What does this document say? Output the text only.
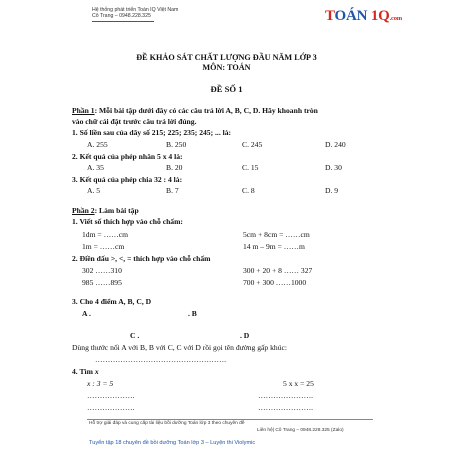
Hệ thống phát triển Toán IQ Việt Nam
Cô Trang – 0948.228.325	TOÁN 1Q.com
ĐỀ KHẢO SÁT CHẤT LƯỢNG ĐẦU NĂM LỚP 3
MÔN: TOÁN
ĐỀ SỐ 1
Phần 1: Mỗi bài tập dưới đây có các câu trả lời A, B, C, D. Hãy khoanh tròn
vào chữ cái đặt trước câu trả lời đúng.
1. Số liền sau của dãy số 215; 225; 235; 245; ... là:
A. 255	B. 250	C. 245	D. 240
2. Kết quả của phép nhân 5 x 4 là:
A. 35	B. 20	C. 15	D. 30
3. Kết quả của phép chia 32 : 4 là:
A. 5	B. 7	C. 8	D. 9
Phần 2: Làm bài tập
1. Viết số thích hợp vào chỗ chấm:
1dm = ……cm	5cm + 8cm = ……cm
1m = ……cm	14 m – 9m = ……m
2. Điền dấu >, <, = thích hợp vào chỗ chấm
302 ……310	300 + 20 + 8 …… 327
985 ……895	700 + 300 ……1000
3. Cho 4 điểm A, B, C, D
A .	. B
C .	. D
Dùng thước nối A với B, B với C, C với D rồi gọi tên đường gấp khúc:
…………………………………………….
4. Tìm x
x : 3 = 5	5 x x = 25
……………….	………………….
……………….	………………….
Hỗ trợ giải đáp và cung cấp tài liệu bồi dưỡng Toán lớp 3 theo chuyên đề
Liên hệ| Cô Trang – 0948.228.325 (Zalo)
Tuyển tập 18 chuyên đề bồi dưỡng Toán lớp 3 – Luyện thi Violymic
